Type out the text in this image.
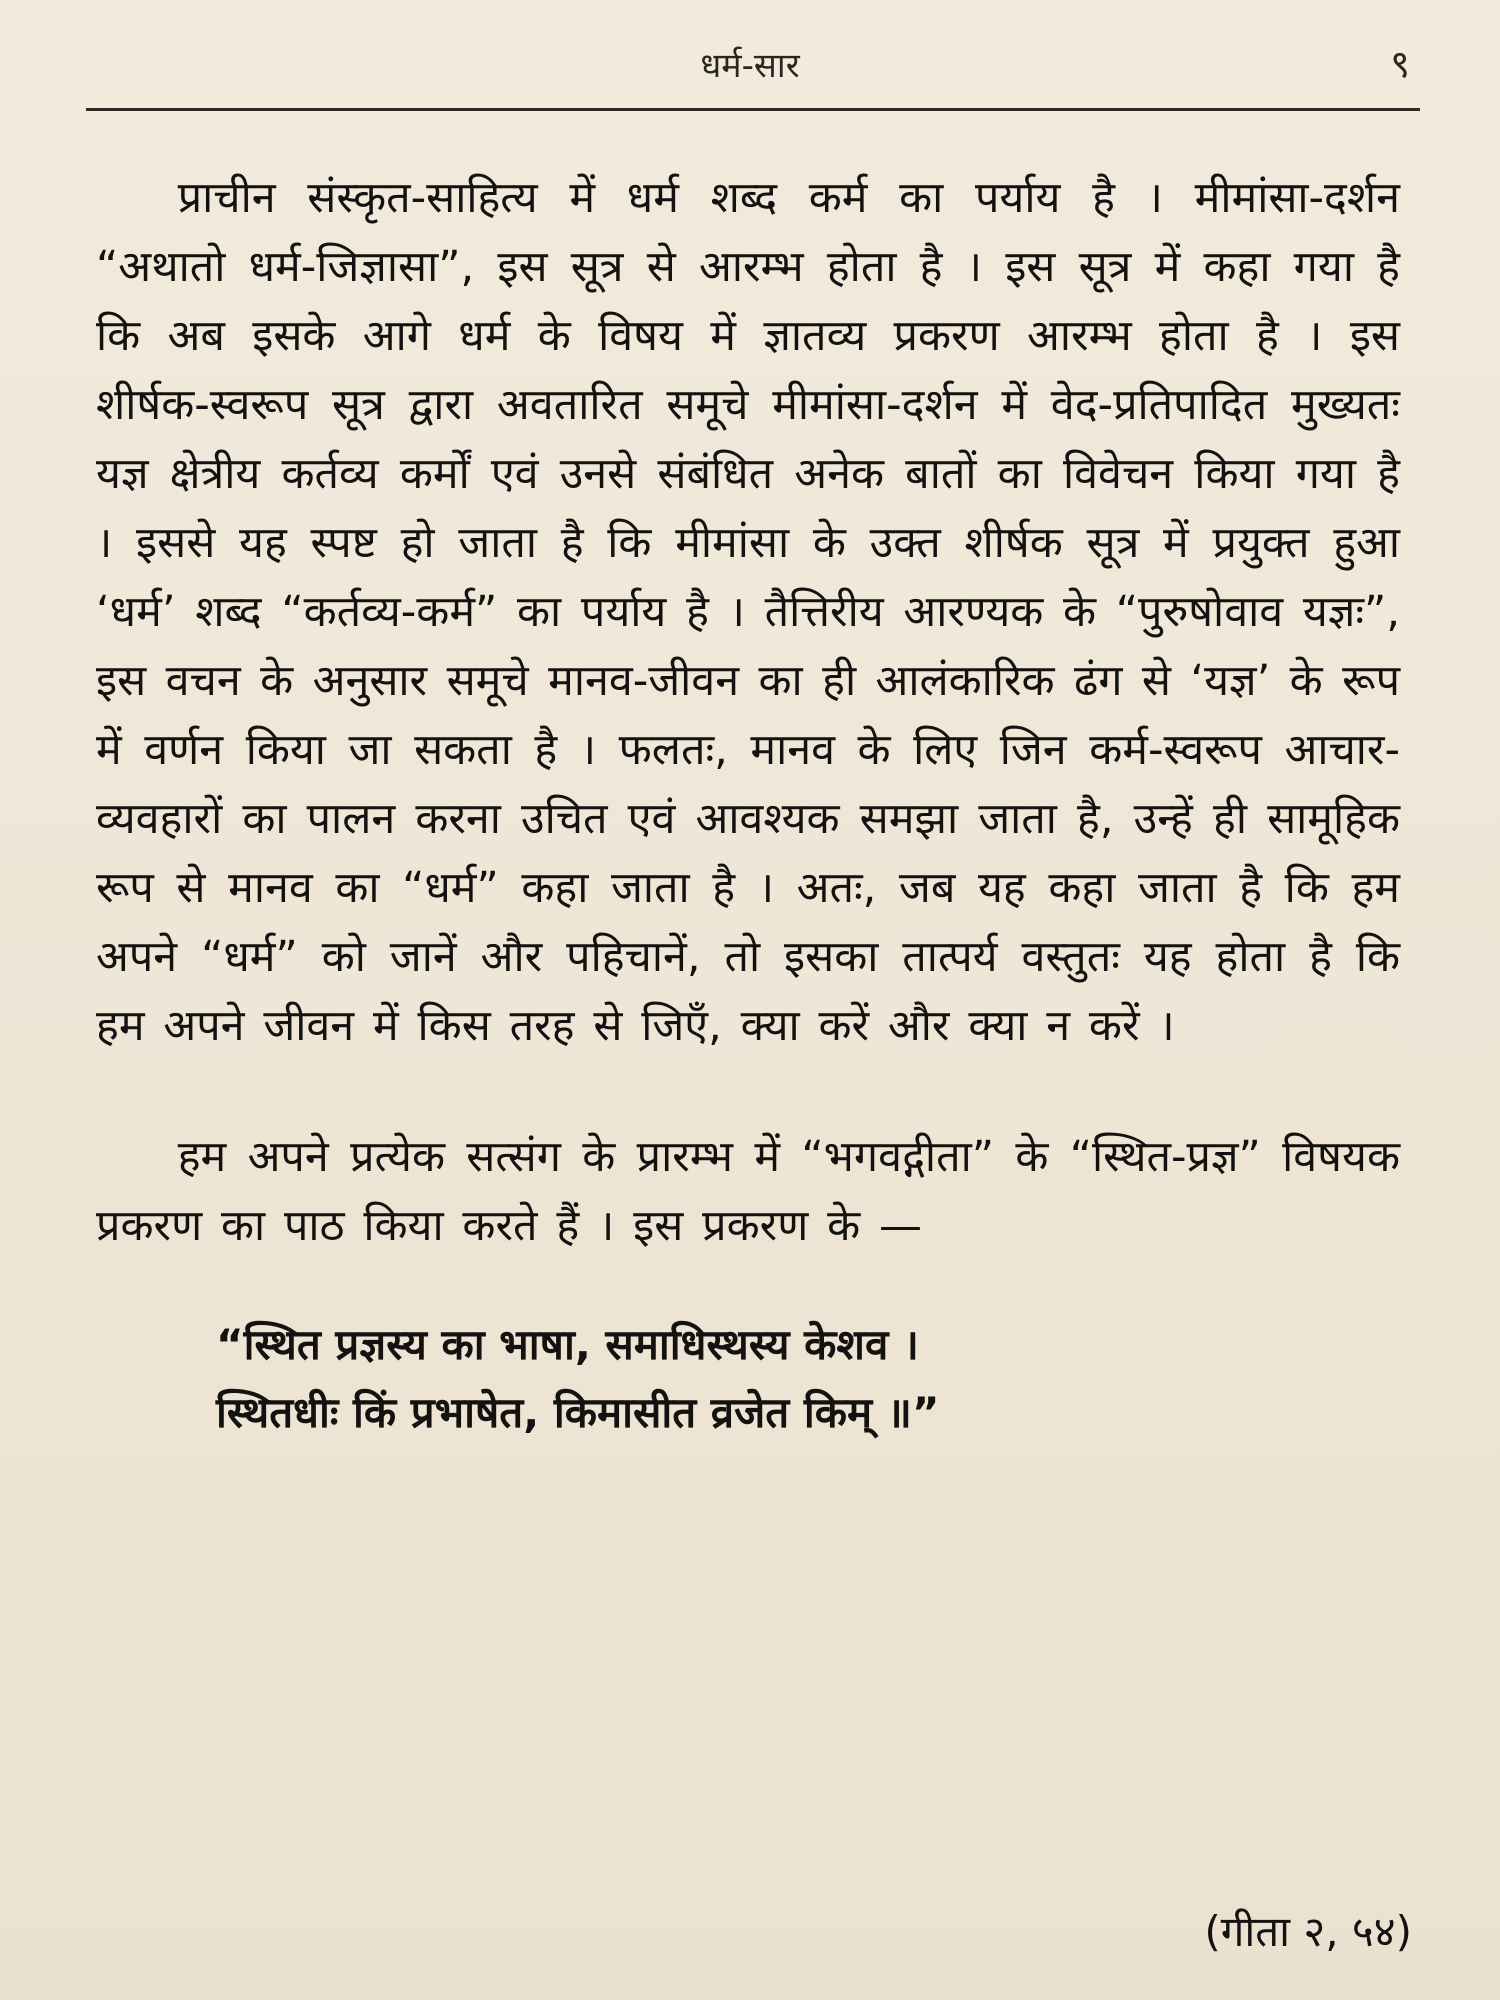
धर्म-सार	९

प्राचीन संस्कृत-साहित्य में धर्म शब्द कर्म का पर्याय है । मीमांसा-दर्शन “अथातो धर्म-जिज्ञासा”, इस सूत्र से आरम्भ होता है । इस सूत्र में कहा गया है कि अब इसके आगे धर्म के विषय में ज्ञातव्य प्रकरण आरम्भ होता है । इस शीर्षक-स्वरूप सूत्र द्वारा अवतारित समूचे मीमांसा-दर्शन में वेद-प्रतिपादित मुख्यतः यज्ञ क्षेत्रीय कर्तव्य कर्मों एवं उनसे संबंधित अनेक बातों का विवेचन किया गया है । इससे यह स्पष्ट हो जाता है कि मीमांसा के उक्त शीर्षक सूत्र में प्रयुक्त हुआ ‘धर्म’ शब्द “कर्तव्य-कर्म” का पर्याय है । तैत्तिरीय आरण्यक के “पुरुषोवाव यज्ञः”, इस वचन के अनुसार समूचे मानव-जीवन का ही आलंकारिक ढंग से ‘यज्ञ’ के रूप में वर्णन किया जा सकता है । फलतः, मानव के लिए जिन कर्म-स्वरूप आचार-व्यवहारों का पालन करना उचित एवं आवश्यक समझा जाता है, उन्हें ही सामूहिक रूप से मानव का “धर्म” कहा जाता है । अतः, जब यह कहा जाता है कि हम अपने “धर्म” को जानें और पहिचानें, तो इसका तात्पर्य वस्तुतः यह होता है कि हम अपने जीवन में किस तरह से जिएँ, क्या करें और क्या न करें ।

हम अपने प्रत्येक सत्संग के प्रारम्भ में “भगवद्गीता” के “स्थित-प्रज्ञ” विषयक प्रकरण का पाठ किया करते हैं । इस प्रकरण के —

“स्थित प्रज्ञस्य का भाषा, समाधिस्थस्य केशव ।
स्थितधीः किं प्रभाषेत, किमासीत व्रजेत किम् ॥”
(गीता २, ५४)
